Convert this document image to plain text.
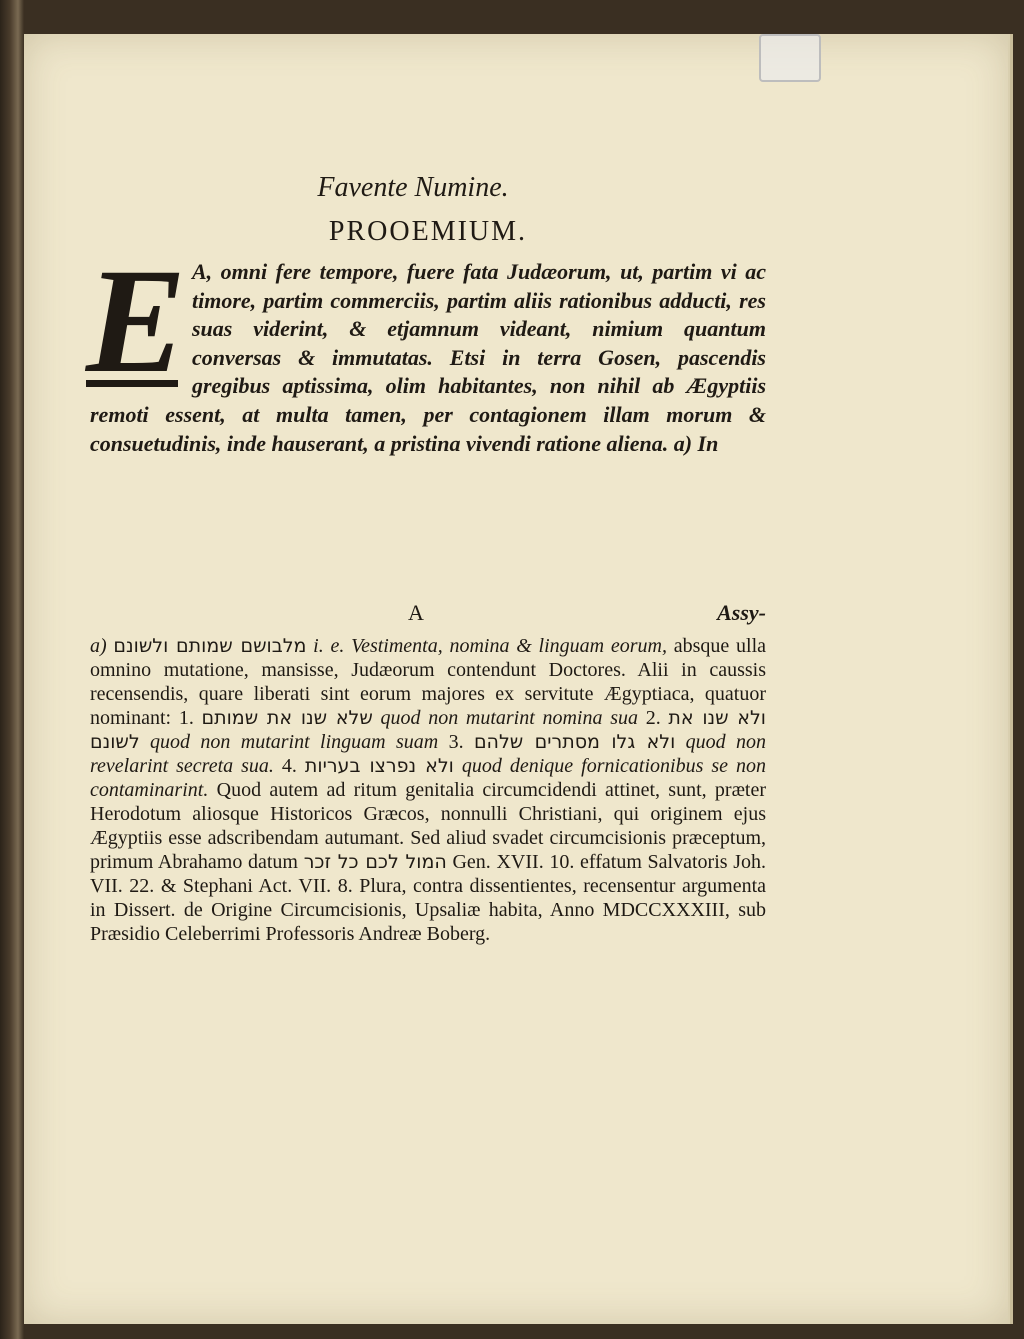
Favente Numine.
PROOEMIUM.
E A, omni fere tempore, fuere fata Judæorum, ut, partim vi ac timore, partim commerciis, partim aliis rationibus adducti, res suas viderint, & etjamnum videant, nimium quantum conversas & immutatas. Etsi in terra Gosen, pascendis gregibus aptissima, olim habitantes, non nihil ab Ægyptiis remoti essent, at multa tamen, per contagionem illam morum & consuetudinis, inde hauserant, a pristina vivendi ratione aliena. a) In
A	Assy-
a) מלבושם שמותם ולשונם i. e. Vestimenta, nomina & linguam eorum, absque ulla omnino mutatione, mansisse, Judæorum contendunt Doctores. Alii in caussis recensendis, quare liberati sint eorum majores ex servitute Ægyptiaca, quatuor nominant: 1. שלא שנו את שמותם quod non mutarint nomina sua 2. ולא שנו את לשונם quod non mutarint linguam suam 3. ולא גלו מסתרים שלהם quod non revelarint secreta sua. 4. ולא נפרצו בעריות quod denique fornicationibus se non contaminarint. Quod autem ad ritum genitalia circumcidendi attinet, sunt, præter Herodotum aliosque Historicos Græcos, nonnulli Christiani, qui originem ejus Ægyptiis esse adscribendam autumant. Sed aliud svadet circumcisionis præceptum, primum Abrahamo datum המול לכם כל זכר Gen. XVII. 10. effatum Salvatoris Joh. VII. 22. & Stephani Act. VII. 8. Plura, contra dissentientes, recensentur argumenta in Dissert. de Origine Circumcisionis, Upsaliæ habita, Anno MDCCXXXIII, sub Præsidio Celeberrimi Professoris Andreæ Boberg.
